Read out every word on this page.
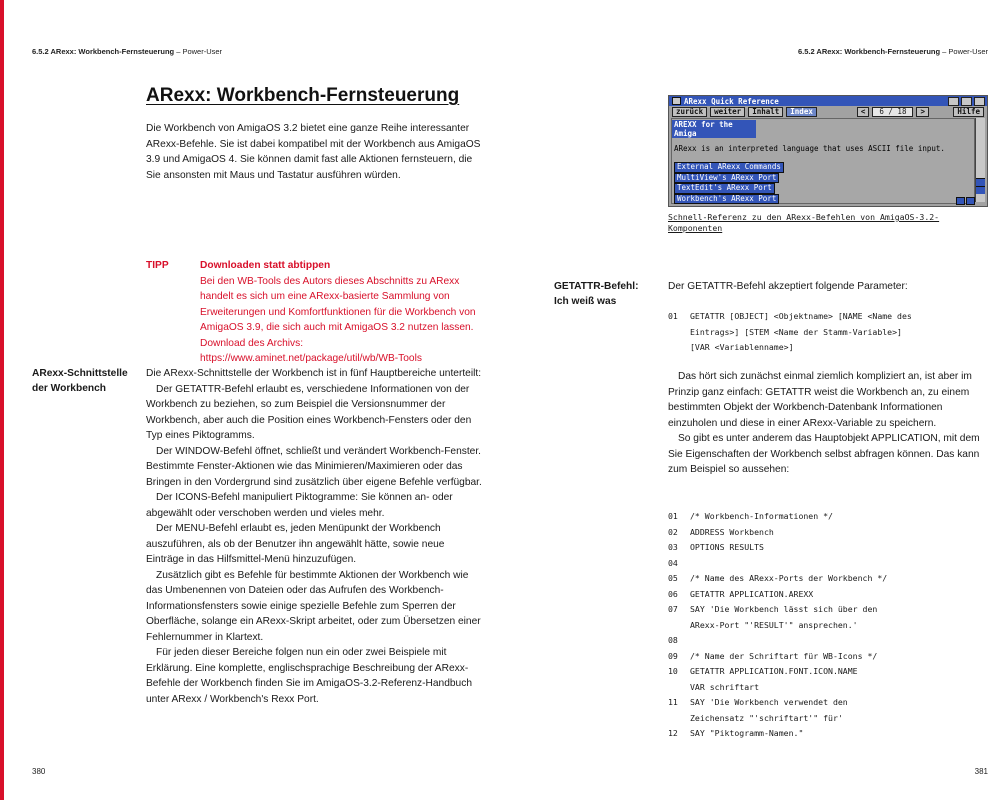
6.5.2 ARexx: Workbench-Fernsteuerung – Power-User	6.5.2 ARexx: Workbench-Fernsteuerung – Power-User
ARexx: Workbench-Fernsteuerung

Die Workbench von AmigaOS 3.2 bietet eine ganze Reihe interessanter ARexx-Befehle. Sie ist dabei kompatibel mit der Workbench aus AmigaOS 3.9 und AmigaOS 4. Sie können damit fast alle Aktionen fernsteuern, die Sie ansonsten mit Maus und Tastatur ausführen würden.

TIPP	Downloaden statt abtippen
Bei den WB-Tools des Autors dieses Abschnitts zu ARexx handelt es sich um eine ARexx-basierte Sammlung von Erweiterungen und Komfortfunktionen für die Workbench von AmigaOS 3.9, die sich auch mit AmigaOS 3.2 nutzen lassen. Download des Archivs: https://www.aminet.net/package/util/wb/WB-Tools
ARexx-Schnittstelle der Workbench

Die ARexx-Schnittstelle der Workbench ist in fünf Hauptbereiche unterteilt:

Der GETATTR-Befehl erlaubt es, verschiedene Informationen von der Workbench zu beziehen, so zum Beispiel die Versionsnummer der Workbench, aber auch die Position eines Workbench-Fensters oder den Typ eines Piktogramms.

Der WINDOW-Befehl öffnet, schließt und verändert Workbench-Fenster. Bestimmte Fenster-Aktionen wie das Minimieren/Maximieren oder das Bringen in den Vordergrund sind zusätzlich über eigene Befehle verfügbar.

Der ICONS-Befehl manipuliert Piktogramme: Sie können an- oder abgewählt oder verschoben werden und vieles mehr.

Der MENU-Befehl erlaubt es, jeden Menüpunkt der Workbench auszuführen, als ob der Benutzer ihn angewählt hätte, sowie neue Einträge in das Hilfsmittel-Menü hinzuzufügen.

Zusätzlich gibt es Befehle für bestimmte Aktionen der Workbench wie das Umbenennen von Dateien oder das Aufrufen des Workbench-Informationsfensters sowie einige spezielle Befehle zum Sperren der Oberfläche, solange ein ARexx-Skript arbeitet, oder zum Übersetzen einer Fehlernummer in Klartext.

Für jeden dieser Bereiche folgen nun ein oder zwei Beispiele mit Erklärung. Eine komplette, englischsprachige Beschreibung der ARexx-Befehle der Workbench finden Sie im AmigaOS-3.2-Referenz-Handbuch unter ARexx / Workbench's Rexx Port.

ARexx Quick Reference
zurück	weiter	Inhalt	Index	<	6 / 18	>	Hilfe
AREXX for the Amiga
ARexx is an interpreted language that uses ASCII file input.
External ARexx Commands
MultiView's ARexx Port
TextEdit's ARexx Port
Workbench's ARexx Port
Schnell-Referenz zu den ARexx-Befehlen von AmigaOS-3.2-Komponenten
GETATTR-Befehl: Ich weiß was
Der GETATTR-Befehl akzeptiert folgende Parameter:
01	GETATTR [OBJECT] <Objektname> [NAME <Name des
Eintrags>] [STEM <Name der Stamm-Variable>]
[VAR <Variablenname>]

Das hört sich zunächst einmal ziemlich kompliziert an, ist aber im Prinzip ganz einfach: GETATTR weist die Workbench an, zu einem bestimmten Objekt der Workbench-Datenbank Informationen einzuholen und diese in einer ARexx-Variable zu speichern.

So gibt es unter anderem das Hauptobjekt APPLICATION, mit dem Sie Eigenschaften der Workbench selbst abfragen können. Das kann zum Beispiel so aussehen:

01	/* Workbench-Informationen */
02	ADDRESS Workbench
03	OPTIONS RESULTS
04
05	/* Name des ARexx-Ports der Workbench */
06	GETATTR APPLICATION.AREXX
07	SAY 'Die Workbench lässt sich über den
ARexx-Port "'RESULT'" ansprechen.'
08
09	/* Name der Schriftart für WB-Icons */
10	GETATTR APPLICATION.FONT.ICON.NAME
VAR schriftart
11	SAY 'Die Workbench verwendet den
Zeichensatz "'schriftart'" für'
12	SAY "Piktogramm-Namen."
380	381
